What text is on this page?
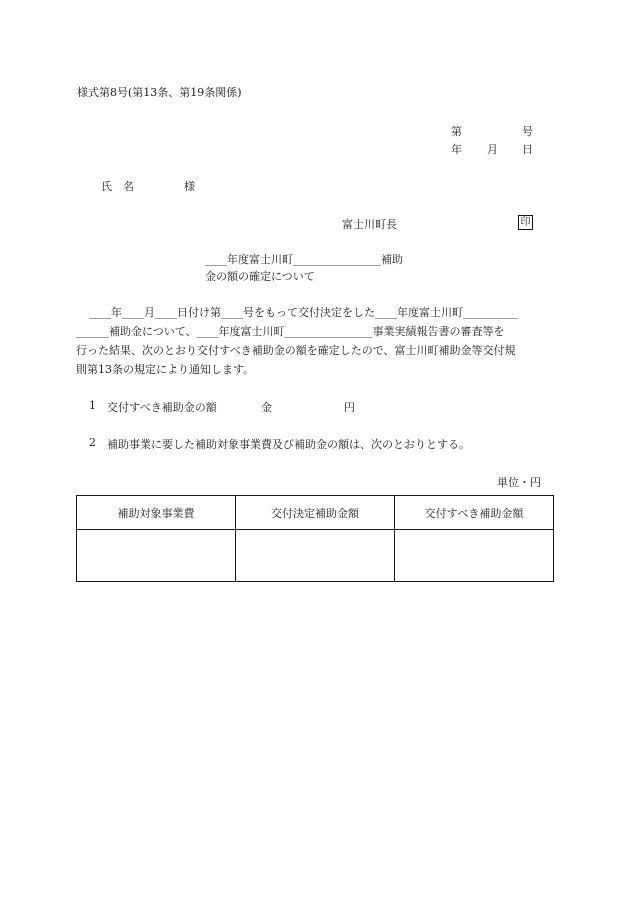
様式第8号(第13条、第19条関係)
第	号
年 月 日
氏　名	様
富士川町長	印
____年度富士川町________________補助
金の額の確定について
____年____月____日付け第____号をもって交付決定をした____年度富士川町__________
______補助金について、____年度富士川町________________事業実績報告書の審査等を
行った結果、次のとおり交付すべき補助金の額を確定したので、富士川町補助金等交付規
則第13条の規定により通知します。
1 交付すべき補助金の額	金	円
2 補助事業に要した補助対象事業費及び補助金の額は、次のとおりとする。
単位・円
補助対象事業費	交付決定補助金額	交付すべき補助金額
